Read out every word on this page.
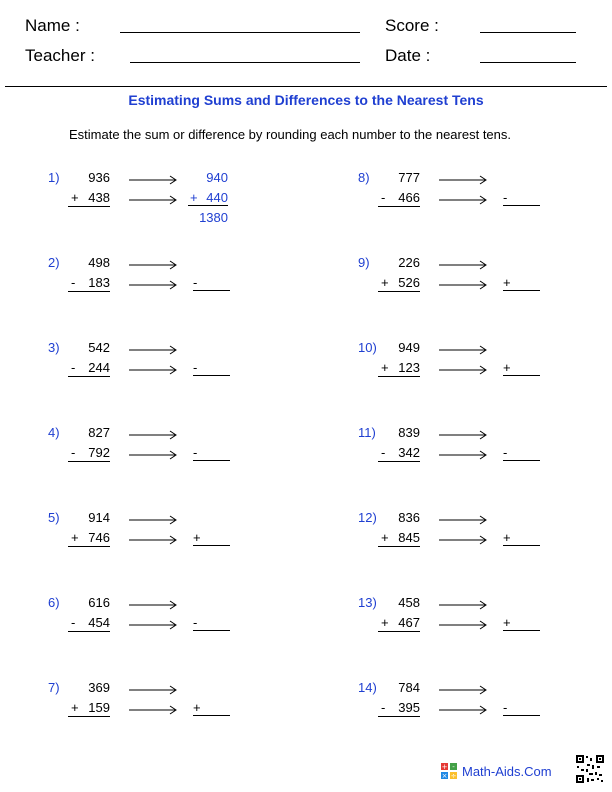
Name :	Score :
Teacher :	Date :
Estimating Sums and Differences to the Nearest Tens
Estimate the sum or difference by rounding each number to the nearest tens.
1)	936
+ 438
940
+ 440
1380
2)	498
- 183	-
3)	542
- 244	-
4)	827
- 792	-
5)	914
+ 746	+
6)	616
- 454	-
7)	369
+ 159	+
8)	777
- 466	-
9)	226
+ 526	+
10)	949
+ 123	+
11)	839
- 342	-
12)	836
+ 845	+
13)	458
+ 467	+
14)	784
- 395	-
+ -
× ÷ Math-Aids.Com
